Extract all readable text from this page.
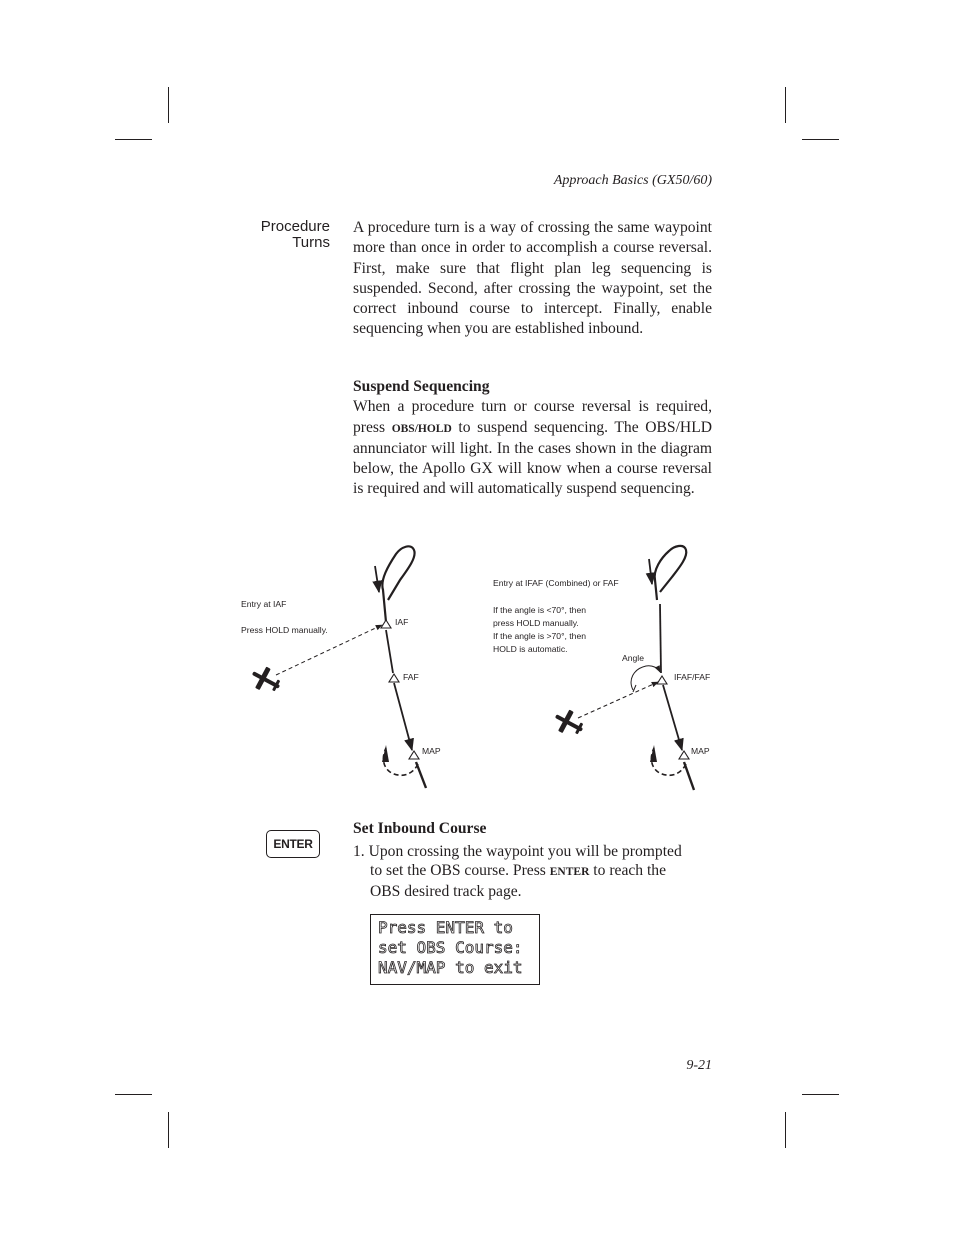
Approach Basics (GX50/60)
Procedure
Turns

A procedure turn is a way of crossing the same waypoint more than once in order to accomplish a course reversal. First, make sure that flight plan leg sequencing is suspended. Second, after crossing the waypoint, set the correct inbound course to intercept. Finally, enable sequencing when you are established inbound.

Suspend Sequencing
When a procedure turn or course reversal is required, press OBS/HOLD to suspend sequencing. The OBS/HLD annunciator will light. In the cases shown in the diagram below, the Apollo GX will know when a course reversal is required and will automatically suspend sequencing.

Entry at IAF
Press HOLD manually.
IAF
FAF
MAP
Entry at IFAF (Combined) or FAF
If the angle is <70°, then
press HOLD manually.
If the angle is >70°, then
HOLD is automatic.
IFAF/FAF
MAP
Angle
ENTER
Set Inbound Course
1. Upon crossing the waypoint you will be prompted
to set the OBS course. Press ENTER to reach the
OBS desired track page.
Press ENTER to
set OBS Course:
NAV/MAP to exit
9-21
